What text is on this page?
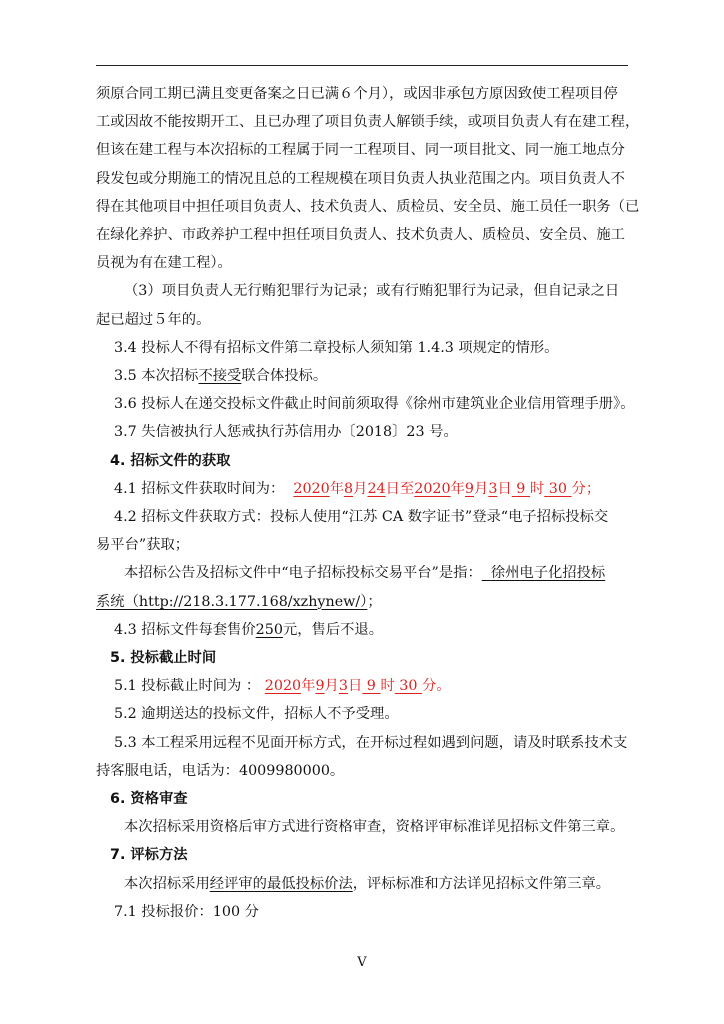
须原合同工期已满且变更备案之日已满６个月），或因非承包方原因致使工程项目停

工或因故不能按期开工、且已办理了项目负责人解锁手续，或项目负责人有在建工程，

但该在建工程与本次招标的工程属于同一工程项目、同一项目批文、同一施工地点分

段发包或分期施工的情况且总的工程规模在项目负责人执业范围之内。项目负责人不

得在其他项目中担任项目负责人、技术负责人、质检员、安全员、施工员任一职务（已

在绿化养护、市政养护工程中担任项目负责人、技术负责人、质检员、安全员、施工

员视为有在建工程）。

（3）项目负责人无行贿犯罪行为记录；或有行贿犯罪行为记录，但自记录之日

起已超过５年的。

3.4 投标人不得有招标文件第二章投标人须知第 1.4.3 项规定的情形。

3.5 本次招标不接受联合体投标。

3.6 投标人在递交投标文件截止时间前须取得《徐州市建筑业企业信用管理手册》。

3.7 失信被执行人惩戒执行苏信用办〔2018〕23 号。

4. 招标文件的获取

4.1 招标文件获取时间为： 2020年8月24日至2020年9月3日 9 时 30 分；

4.2 招标文件获取方式：投标人使用“江苏 CA 数字证书”登录“电子招标投标交

易平台”获取；

本招标公告及招标文件中“电子招标投标交易平台”是指： 徐州电子化招投标

系统（http://218.3.177.168/xzhynew/）；

4.3 招标文件每套售价250元，售后不退。

5. 投标截止时间

5.1 投标截止时间为 ： 2020年9月3日 9 时 30 分。

5.2 逾期送达的投标文件，招标人不予受理。

5.3 本工程采用远程不见面开标方式，在开标过程如遇到问题，请及时联系技术支

持客服电话，电话为：4009980000。

6. 资格审查

本次招标采用资格后审方式进行资格审查，资格评审标准详见招标文件第三章。

7. 评标方法

本次招标采用经评审的最低投标价法，评标标准和方法详见招标文件第三章。

7.1 投标报价：100 分

V
